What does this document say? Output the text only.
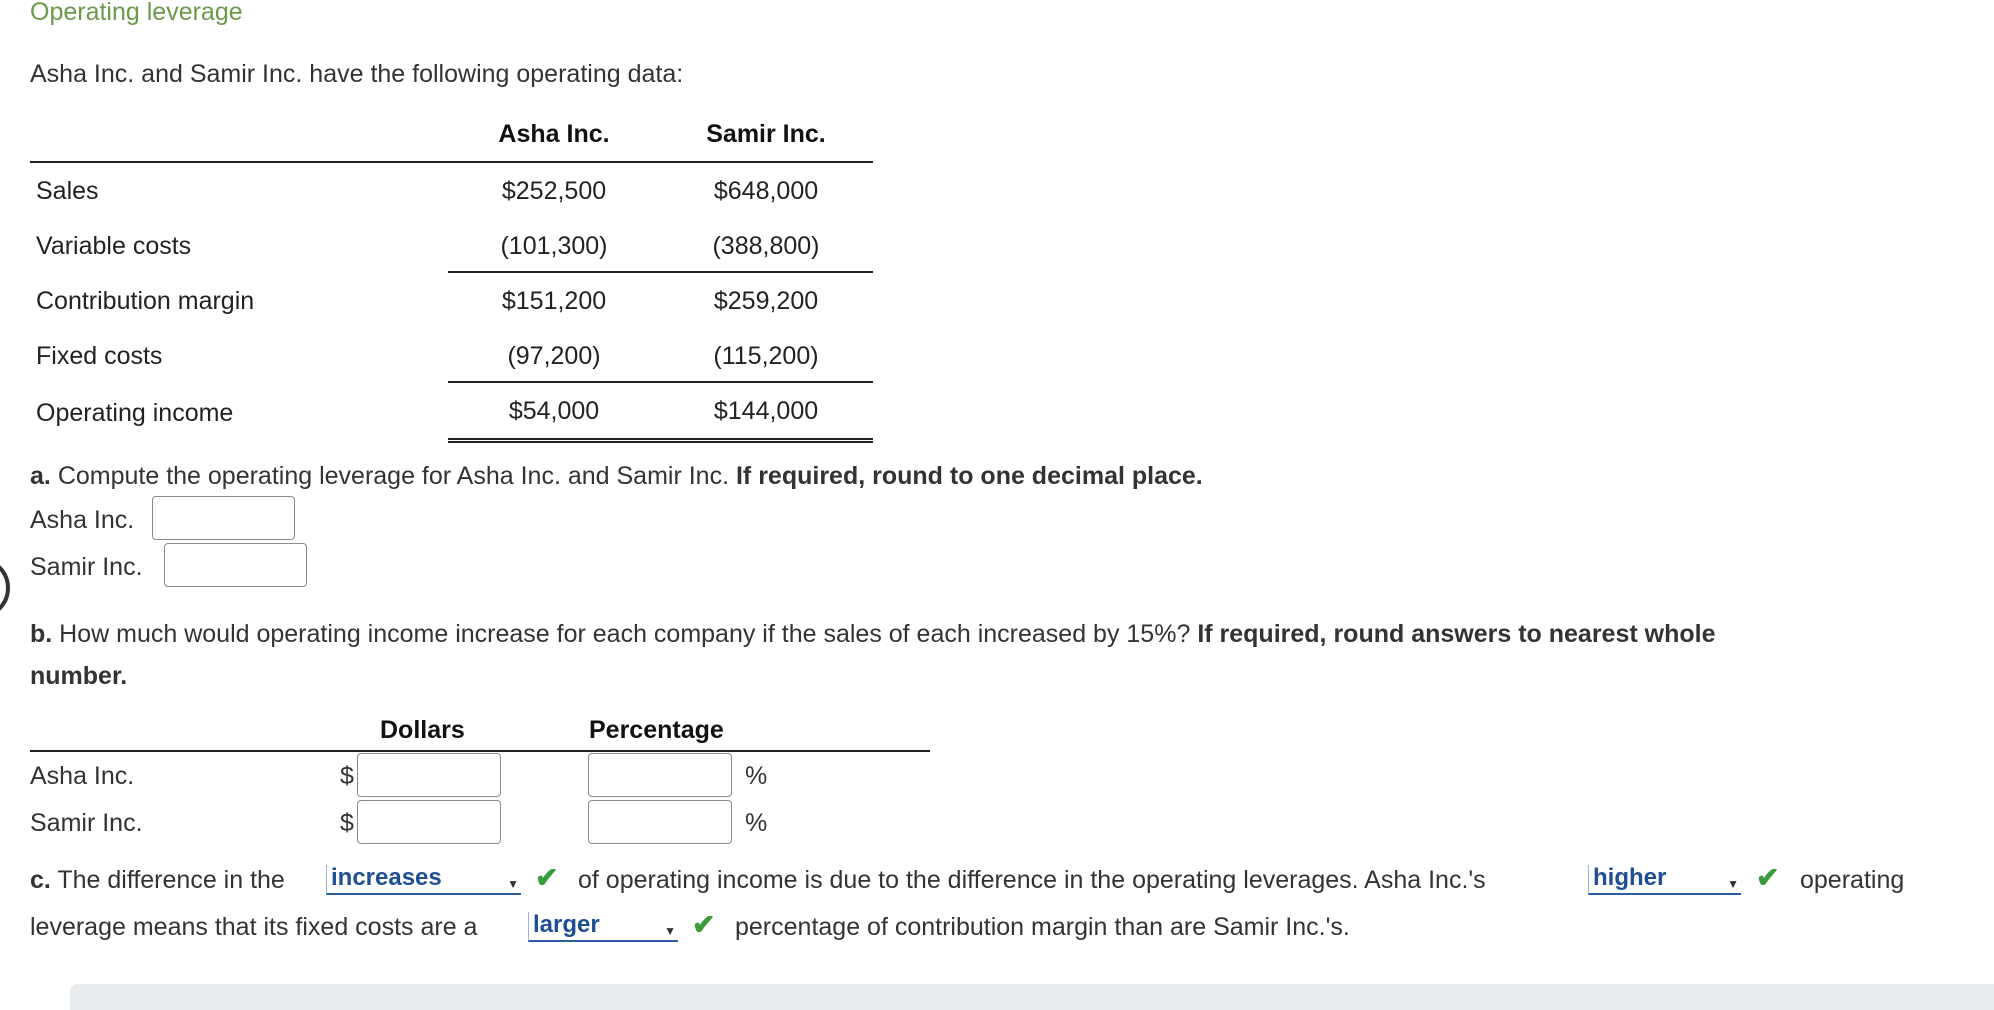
Operating leverage
Asha Inc. and Samir Inc. have the following operating data:
Asha Inc.	Samir Inc.
Sales	$252,500	$648,000
Variable costs	(101,300)	(388,800)
Contribution margin	$151,200	$259,200
Fixed costs	(97,200)	(115,200)
Operating income	$54,000	$144,000
a. Compute the operating leverage for Asha Inc. and Samir Inc. If required, round to one decimal place.
Asha Inc.
Samir Inc.
b. How much would operating income increase for each company if the sales of each increased by 15%? If required, round answers to nearest whole
number.
Dollars	Percentage
Asha Inc.	$	%
Samir Inc.	$	%
c. The difference in the increases	▼ ✔ of operating income is due to the difference in the operating leverages. Asha Inc.'s	higher	▼ ✔ operating
leverage means that its fixed costs are a larger	▼ ✔ percentage of contribution margin than are Samir Inc.'s.
